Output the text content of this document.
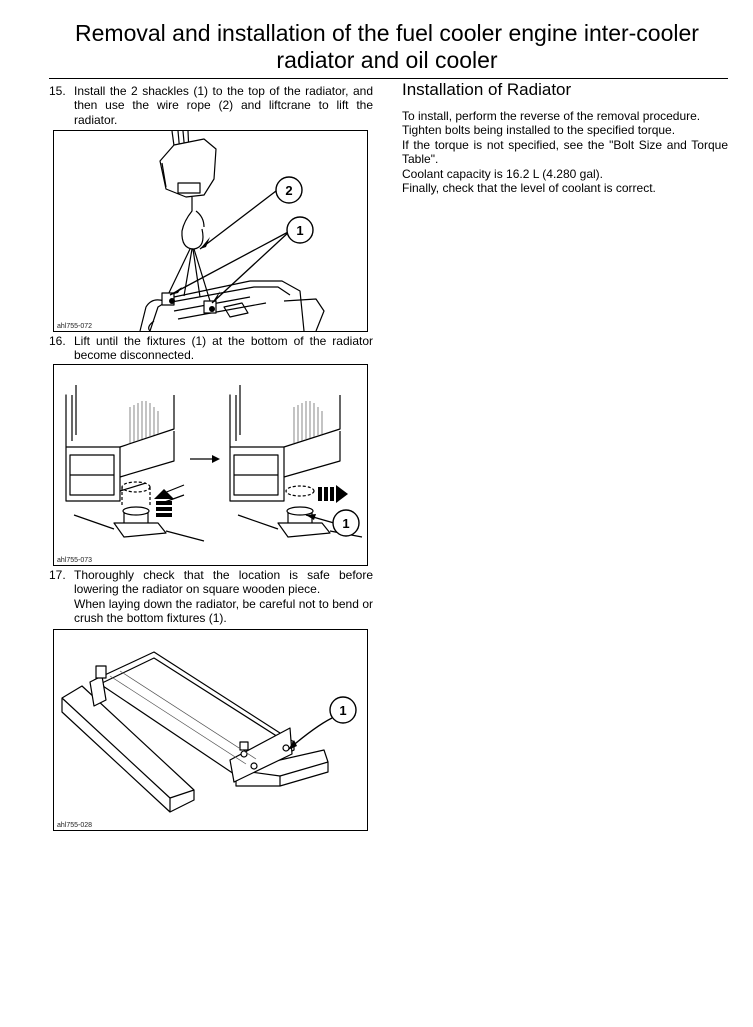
Removal and installation of the fuel cooler engine inter-cooler
radiator and oil cooler
15. Install the 2 shackles (1) to the top of the radiator, and then use the wire rope (2) and liftcrane to lift the radiator.

2
1
ahl755-072
16. Lift until the fixtures (1) at the bottom of the radiator become disconnected.

1
ahl755-073
17. Thoroughly check that the location is safe before lowering the radiator on square wooden piece.

When laying down the radiator, be careful not to bend or crush the bottom fixtures (1).

1
ahl755-028
Installation of Radiator

To install, perform the reverse of the removal procedure.

Tighten bolts being installed to the specified torque.

If the torque is not specified, see the "Bolt Size and Torque Table".

Coolant capacity is 16.2 L (4.280 gal).

Finally, check that the level of coolant is correct.
